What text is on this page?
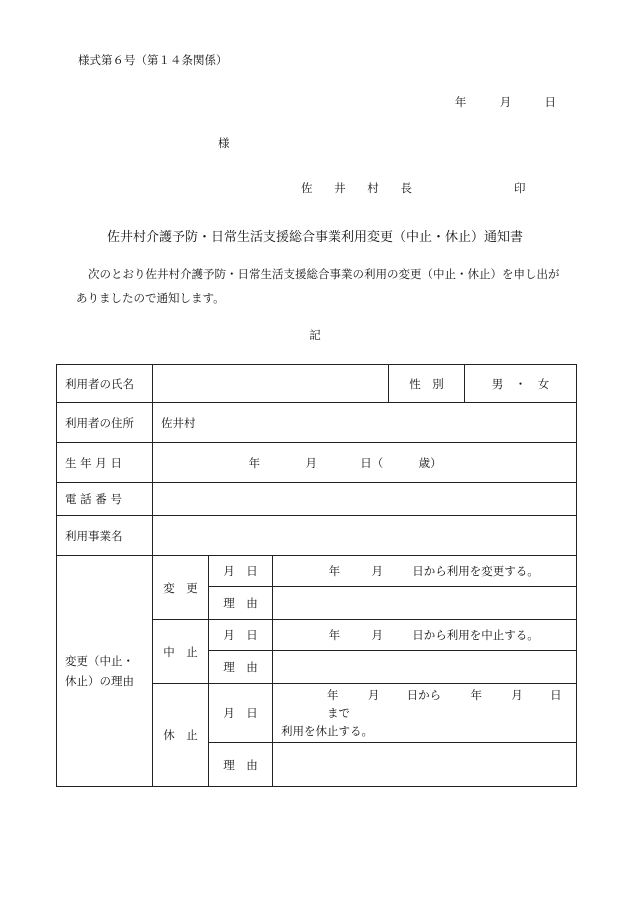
様式第６号（第１４条関係）
年	月	日
様
佐 井 村 長	印
佐井村介護予防・日常生活支援総合事業利用変更（中止・休止）通知書
次のとおり佐井村介護予防・日常生活支援総合事業の利用の変更（中止・休止）を申し出がありましたので通知します。
記
利用者の氏名				性　別	男　・　女
利用者の住所	佐井村				
生 年 月 日	年 月 日（ 歳）				
電 話 番 号					
利用事業名					

変更（中止・
休止）の理由	変　更	月　日	年 月 日から利用を変更する。		
		理　由			
	中　止	月　日	年 月 日から利用を中止する。		
		理　由			
	休　止	月　日	年 月 日から 年 月 日まで
利用を休止する。		

		理　由			
